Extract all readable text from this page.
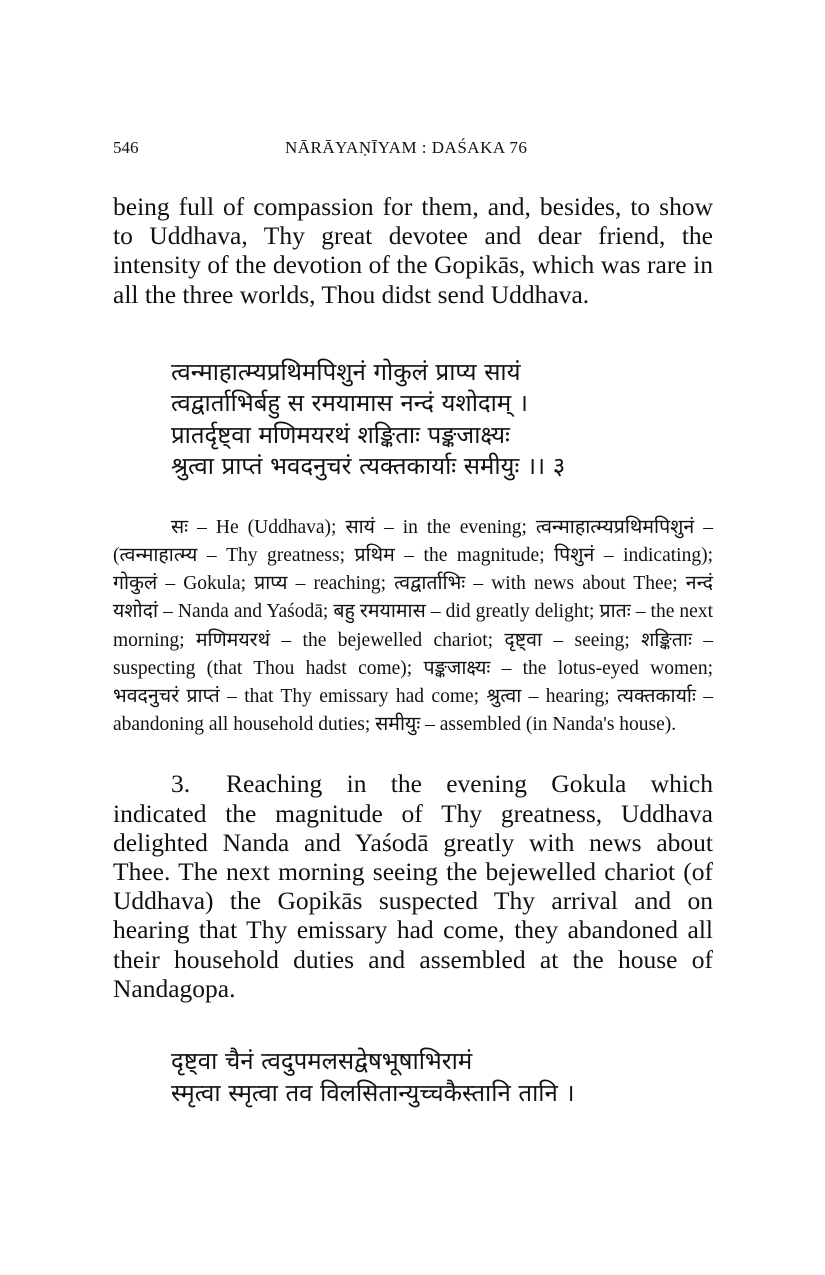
546	NĀRĀYAṆĪYAM : DAŚAKA 76

being full of compassion for them, and, besides, to show to Uddhava, Thy great devotee and dear friend, the intensity of the devotion of the Gopikās, which was rare in all the three worlds, Thou didst send Uddhava.

त्वन्माहात्म्यप्रथिमपिशुनं गोकुलं प्राप्य सायं
त्वद्वार्ताभिर्बहु स रमयामास नन्दं यशोदाम् ।
प्रातर्दृष्ट्वा मणिमयरथं शङ्किताः पङ्कजाक्ष्यः
श्रुत्वा प्राप्तं भवदनुचरं त्यक्तकार्याः समीयुः ।। ३

सः – He (Uddhava); सायं – in the evening; त्वन्माहात्म्यप्रथिमपिशुनं – (त्वन्माहात्म्य – Thy greatness; प्रथिम – the magnitude; पिशुनं – indicating); गोकुलं – Gokula; प्राप्य – reaching; त्वद्वार्ताभिः – with news about Thee; नन्दं यशोदां – Nanda and Yaśodā; बहु रमयामास – did greatly delight; प्रातः – the next morning; मणिमयरथं – the bejewelled chariot; दृष्ट्वा – seeing; शङ्किताः – suspecting (that Thou hadst come); पङ्कजाक्ष्यः – the lotus-eyed women; भवदनुचरं प्राप्तं – that Thy emissary had come; श्रुत्वा – hearing; त्यक्तकार्याः – abandoning all household duties; समीयुः – assembled (in Nanda's house).

3. Reaching in the evening Gokula which indicated the magnitude of Thy greatness, Uddhava delighted Nanda and Yaśodā greatly with news about Thee. The next morning seeing the bejewelled chariot (of Uddhava) the Gopikās suspected Thy arrival and on hearing that Thy emissary had come, they abandoned all their household duties and assembled at the house of Nandagopa.

दृष्ट्वा चैनं त्वदुपमलसद्वेषभूषाभिरामं
स्मृत्वा स्मृत्वा तव विलसितान्युच्चकैस्तानि तानि ।
